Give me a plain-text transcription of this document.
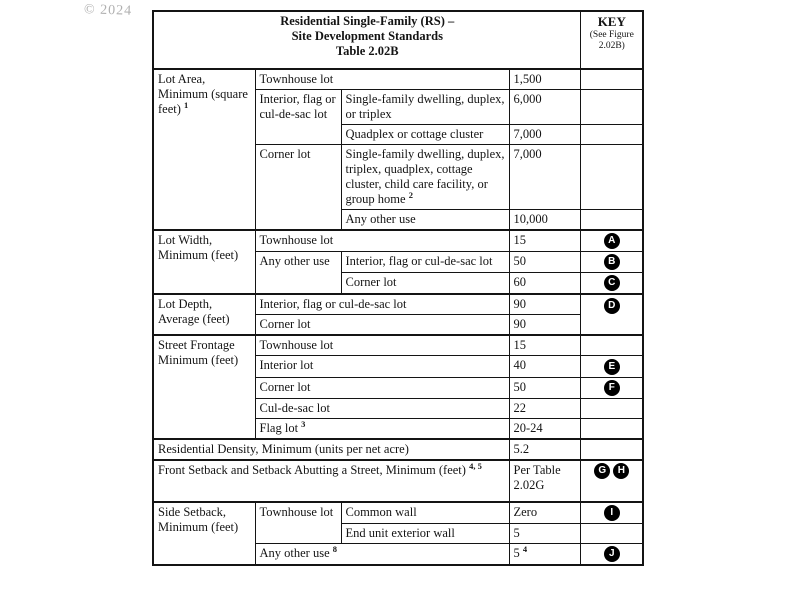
© 2024
Residential Single-Family (RS) –
Site Development Standards
Table 2.02B

KEY
(See Figure 2.02B)

Lot Area, Minimum (square feet) $^1$	Townhouse lot		1,500	
	Interior, flag or cul-de-sac lot	Single-family dwelling, duplex, or triplex	6,000	
		Quadplex or cottage cluster	7,000	
	Corner lot	Single-family dwelling, duplex, triplex, quadplex, cottage cluster, child care facility, or group home $^2$	7,000	
		Any other use	10,000	
Lot Width, Minimum (feet)	Townhouse lot		15	A
	Any other use	Interior, flag or cul-de-sac lot	50	B
		Corner lot	60	C
Lot Depth, Average (feet)	Interior, flag or cul-de-sac lot		90	D
	Corner lot		90	
Street Frontage Minimum (feet)	Townhouse lot		15	
	Interior lot		40	E
	Corner lot		50	F
	Cul-de-sac lot		22	
	Flag lot $^3$		20-24	
Residential Density, Minimum (units per net acre)			5.2	
Front Setback and Setback Abutting a Street, Minimum (feet) $^{4, 5}$			Per Table 2.02G	G H
Side Setback, Minimum (feet)	Townhouse lot	Common wall	Zero	I
		End unit exterior wall	5	
	Any other use $^8$		5 $^4$	J
